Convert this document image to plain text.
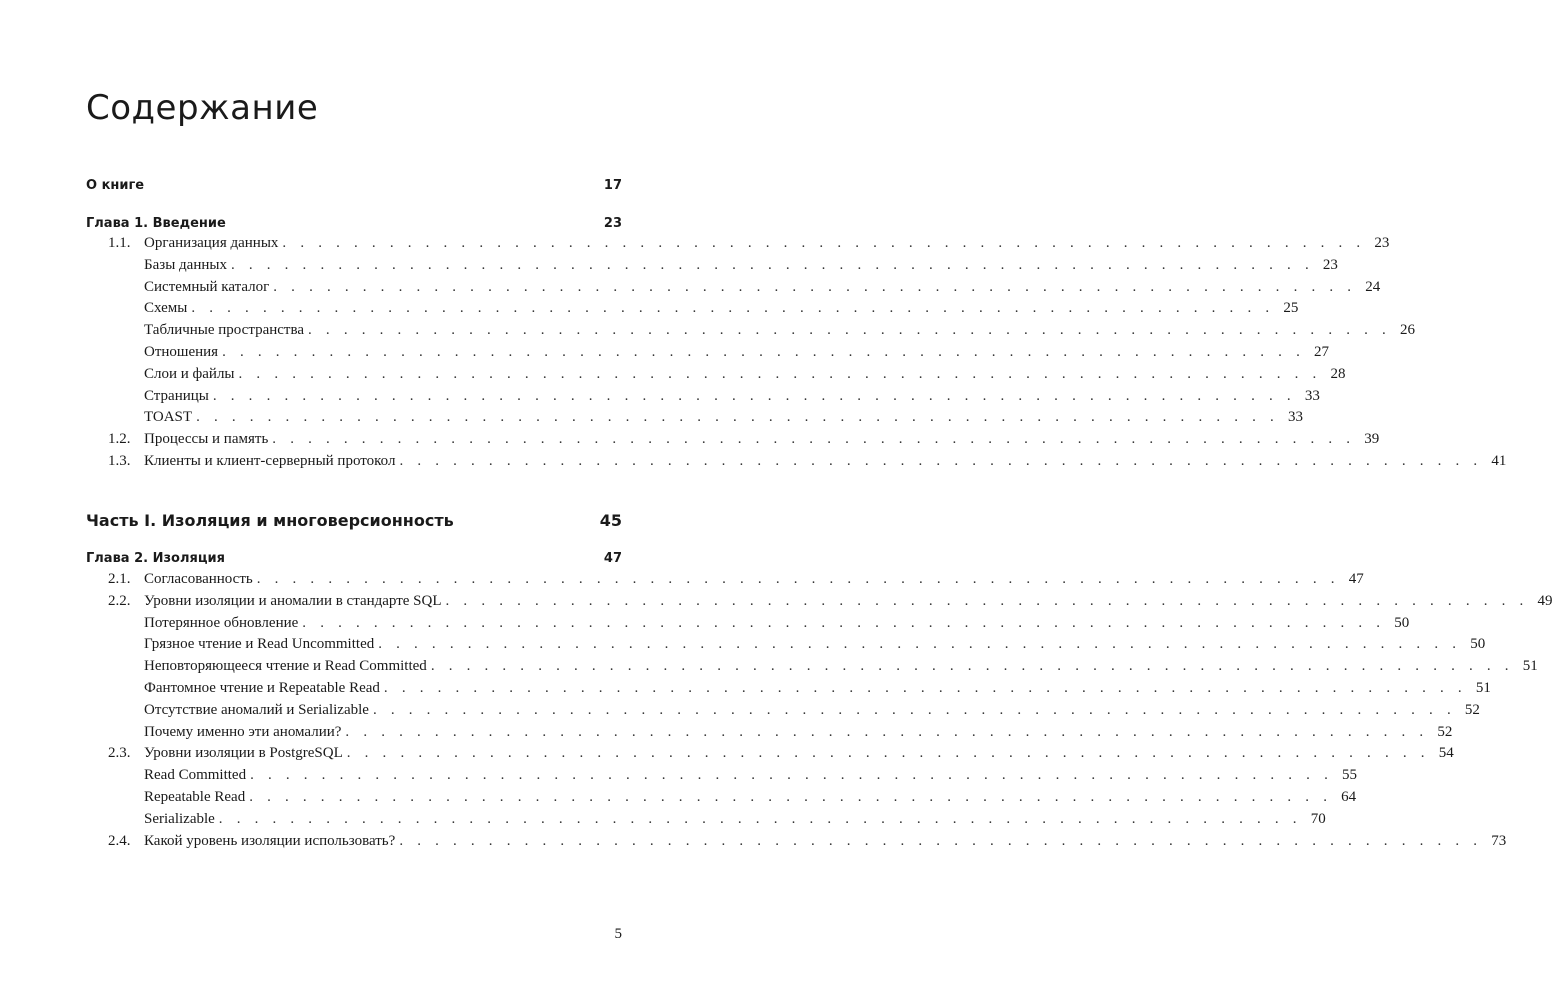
Содержание
О книге	17
Глава 1. Введение	23
1.1. Организация данных . . . . . . . . . . . . . . . . . . . . . . . . . . . . . . . . . . . . . . . . . . . . . . . . . . . . . . . . . . . . . 23
Базы данных . . . . . . . . . . . . . . . . . . . . . . . . . . . . . . . . . . . . . . . . . . . . . . . . . . . . . . . . . . . . . 23
Системный каталог . . . . . . . . . . . . . . . . . . . . . . . . . . . . . . . . . . . . . . . . . . . . . . . . . . . . . . . . . . . . . 24
Схемы . . . . . . . . . . . . . . . . . . . . . . . . . . . . . . . . . . . . . . . . . . . . . . . . . . . . . . . . . . . . . 25
Табличные пространства . . . . . . . . . . . . . . . . . . . . . . . . . . . . . . . . . . . . . . . . . . . . . . . . . . . . . . . . . . . . . 26
Отношения . . . . . . . . . . . . . . . . . . . . . . . . . . . . . . . . . . . . . . . . . . . . . . . . . . . . . . . . . . . . . 27
Слои и файлы . . . . . . . . . . . . . . . . . . . . . . . . . . . . . . . . . . . . . . . . . . . . . . . . . . . . . . . . . . . . . 28
Страницы . . . . . . . . . . . . . . . . . . . . . . . . . . . . . . . . . . . . . . . . . . . . . . . . . . . . . . . . . . . . . 33
TOAST . . . . . . . . . . . . . . . . . . . . . . . . . . . . . . . . . . . . . . . . . . . . . . . . . . . . . . . . . . . . . 33
1.2. Процессы и память . . . . . . . . . . . . . . . . . . . . . . . . . . . . . . . . . . . . . . . . . . . . . . . . . . . . . . . . . . . . . 39
1.3. Клиенты и клиент-серверный протокол . . . . . . . . . . . . . . . . . . . . . . . . . . . . . . . . . . . . . . . . . . . . . . . . . . . . . . . . . . . . . 41
Часть I. Изоляция и многоверсионность	45
Глава 2. Изоляция	47
2.1. Согласованность . . . . . . . . . . . . . . . . . . . . . . . . . . . . . . . . . . . . . . . . . . . . . . . . . . . . . . . . . . . . . 47
2.2. Уровни изоляции и аномалии в стандарте SQL . . . . . . . . . . . . . . . . . . . . . . . . . . . . . . . . . . . . . . . . . . . . . . . . . . . . . . . . . . . . . 49
Потерянное обновление . . . . . . . . . . . . . . . . . . . . . . . . . . . . . . . . . . . . . . . . . . . . . . . . . . . . . . . . . . . . . 50
Грязное чтение и Read Uncommitted . . . . . . . . . . . . . . . . . . . . . . . . . . . . . . . . . . . . . . . . . . . . . . . . . . . . . . . . . . . . . 50
Неповторяющееся чтение и Read Committed . . . . . . . . . . . . . . . . . . . . . . . . . . . . . . . . . . . . . . . . . . . . . . . . . . . . . . . . . . . . . 51
Фантомное чтение и Repeatable Read . . . . . . . . . . . . . . . . . . . . . . . . . . . . . . . . . . . . . . . . . . . . . . . . . . . . . . . . . . . . . 51
Отсутствие аномалий и Serializable . . . . . . . . . . . . . . . . . . . . . . . . . . . . . . . . . . . . . . . . . . . . . . . . . . . . . . . . . . . . . 52
Почему именно эти аномалии? . . . . . . . . . . . . . . . . . . . . . . . . . . . . . . . . . . . . . . . . . . . . . . . . . . . . . . . . . . . . . 52
2.3. Уровни изоляции в PostgreSQL . . . . . . . . . . . . . . . . . . . . . . . . . . . . . . . . . . . . . . . . . . . . . . . . . . . . . . . . . . . . . 54
Read Committed . . . . . . . . . . . . . . . . . . . . . . . . . . . . . . . . . . . . . . . . . . . . . . . . . . . . . . . . . . . . . 55
Repeatable Read . . . . . . . . . . . . . . . . . . . . . . . . . . . . . . . . . . . . . . . . . . . . . . . . . . . . . . . . . . . . . 64
Serializable . . . . . . . . . . . . . . . . . . . . . . . . . . . . . . . . . . . . . . . . . . . . . . . . . . . . . . . . . . . . . 70
2.4. Какой уровень изоляции использовать? . . . . . . . . . . . . . . . . . . . . . . . . . . . . . . . . . . . . . . . . . . . . . . . . . . . . . . . . . . . . . 73
5
